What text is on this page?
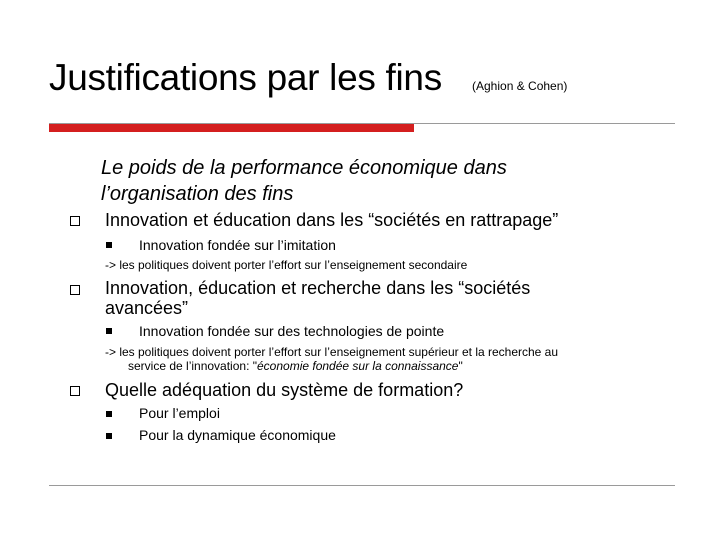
Justifications par les fins	(Aghion & Cohen)
Le poids de la performance économique dans
l’organisation des fins
Innovation et éducation dans les “sociétés en rattrapage”
Innovation fondée sur l’imitation
-> les politiques doivent porter l’effort sur l’enseignement secondaire
Innovation, éducation et recherche dans les “sociétés
avancées”
Innovation fondée sur des technologies de pointe
-> les politiques doivent porter l’effort sur l’enseignement supérieur et la recherche au
service de l’innovation: "économie fondée sur la connaissance"
Quelle adéquation du système de formation?
Pour l’emploi
Pour la dynamique économique
